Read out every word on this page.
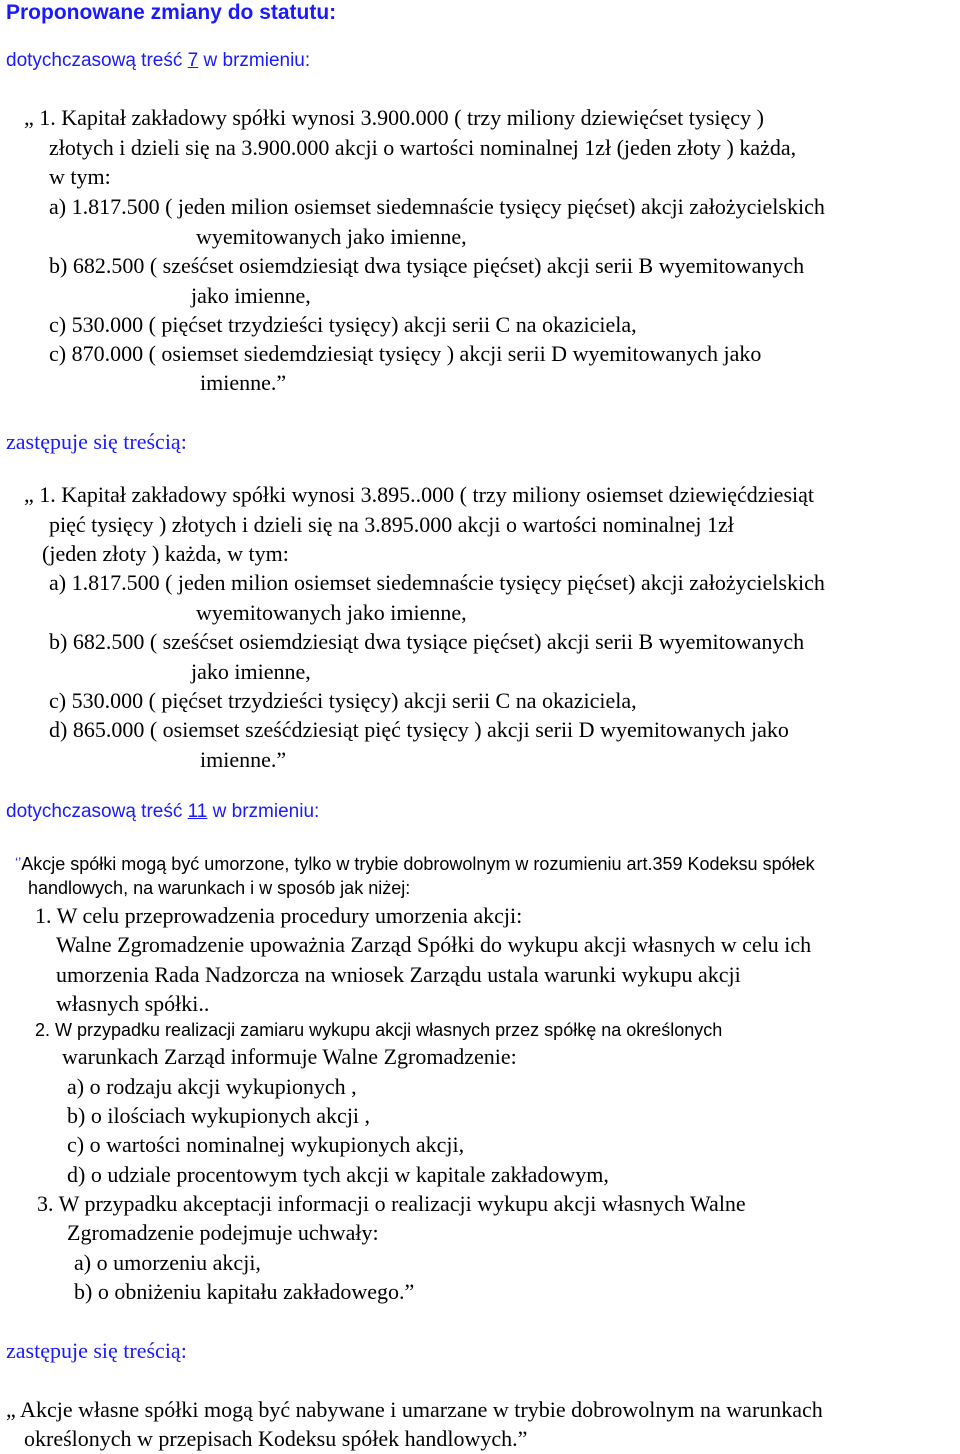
Proponowane zmiany do statutu:
dotychczasową treść 7 w brzmieniu:
„ 1. Kapitał zakładowy spółki wynosi 3.900.000 ( trzy miliony dziewięćset tysięcy )
złotych i dzieli się na 3.900.000 akcji o wartości nominalnej 1zł (jeden złoty ) każda,
w tym:
a) 1.817.500 ( jeden milion osiemset siedemnaście tysięcy pięćset) akcji założycielskich
wyemitowanych jako imienne,
b) 682.500 ( sześćset osiemdziesiąt dwa tysiące pięćset) akcji serii B wyemitowanych
jako imienne,
c) 530.000 ( pięćset trzydzieści tysięcy) akcji serii C na okaziciela,
c) 870.000 ( osiemset siedemdziesiąt tysięcy ) akcji serii D wyemitowanych jako
imienne.”
zastępuje się treścią:
„ 1. Kapitał zakładowy spółki wynosi 3.895..000 ( trzy miliony osiemset dziewięćdziesiąt
pięć tysięcy ) złotych i dzieli się na 3.895.000 akcji o wartości nominalnej 1zł
(jeden złoty ) każda, w tym:
a) 1.817.500 ( jeden milion osiemset siedemnaście tysięcy pięćset) akcji założycielskich
wyemitowanych jako imienne,
b) 682.500 ( sześćset osiemdziesiąt dwa tysiące pięćset) akcji serii B wyemitowanych
jako imienne,
c) 530.000 ( pięćset trzydzieści tysięcy) akcji serii C na okaziciela,
d) 865.000 ( osiemset sześćdziesiąt pięć tysięcy ) akcji serii D wyemitowanych jako
imienne.”
dotychczasową treść 11 w brzmieniu:
‘’Akcje spółki mogą być umorzone, tylko w trybie dobrowolnym w rozumieniu art.359 Kodeksu spółek
handlowych, na warunkach i w sposób jak niżej:
1. W celu przeprowadzenia procedury umorzenia akcji:
Walne Zgromadzenie upoważnia Zarząd Spółki do wykupu akcji własnych w celu ich
umorzenia Rada Nadzorcza na wniosek Zarządu ustala warunki wykupu akcji
własnych spółki..
2. W przypadku realizacji zamiaru wykupu akcji własnych przez spółkę na określonych
warunkach Zarząd informuje Walne Zgromadzenie:
a) o rodzaju akcji wykupionych ,
b) o ilościach wykupionych akcji ,
c) o wartości nominalnej wykupionych akcji,
d) o udziale procentowym tych akcji w kapitale zakładowym,
3. W przypadku akceptacji informacji o realizacji wykupu akcji własnych Walne
Zgromadzenie podejmuje uchwały:
a) o umorzeniu akcji,
b) o obniżeniu kapitału zakładowego.”
zastępuje się treścią:
„ Akcje własne spółki mogą być nabywane i umarzane w trybie dobrowolnym na warunkach
określonych w przepisach Kodeksu spółek handlowych.”
